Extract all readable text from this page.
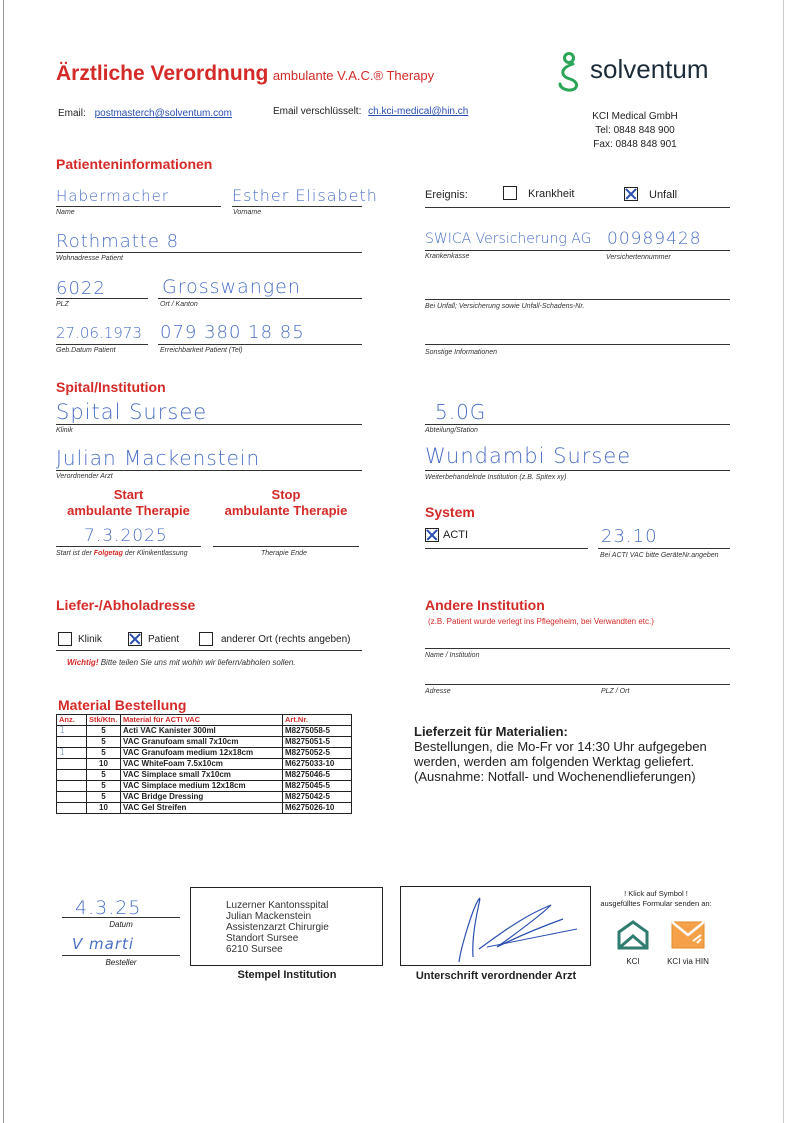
Ärztliche Verordnung ambulante V.A.C.® Therapy	solventum
Email: postmasterch@solventum.com	Email verschlüsselt: ch.kci-medical@hin.ch	KCI Medical GmbH
Tel: 0848 848 900
Fax: 0848 848 901
Patienteninformationen
Habermacher
Name
Esther Elisabeth
Vorname
Rothmatte 8
Wohnadresse Patient
6022
PLZ
Grosswangen
Ort / Kanton
27.06.1973
Geb.Datum Patient
079 380 18 85
Erreichbarkeit Patient (Tel)
Ereignis:	Krankheit	Unfall
SWICA Versicherung AG 00989428
Krankenkasse	Versichertennummer
Bei Unfall; Versicherung sowie Unfall-Schadens-Nr.
Sonstige Informationen
Spital/Institution
Spital Sursee
Klinik
5.0G
Abteilung/Station
Julian Mackenstein
Verordnender Arzt
Wundambi Sursee
Weiterbehandelnde Institution (z.B. Spitex xy)
Start
ambulante Therapie
Stop
ambulante Therapie
7.3.2025
Start ist der Folgetag der Klinikentlassung	Therapie Ende
System
ACTI	23.10
Bei ACTI VAC bitte GeräteNr.angeben
Liefer-/Abholadresse
Klinik	Patient	anderer Ort (rechts angeben)
Wichtig! Bitte teilen Sie uns mit wohin wir liefern/abholen sollen.
Andere Institution
(z.B. Patient wurde verlegt ins Pflegeheim, bei Verwandten etc.)
Name / Institution
Adresse	PLZ / Ort
Material Bestellung
Anz.	Stk/Ktn.	Material für ACTI VAC	Art.Nr.
1	5	Acti VAC Kanister 300ml	M8275058-5
	5	VAC Granufoam small 7x10cm	M8275051-5
1	5	VAC Granufoam medium 12x18cm	M8275052-5
	10	VAC WhiteFoam 7.5x10cm	M6275033-10
	5	VAC Simplace small 7x10cm	M8275046-5
	5	VAC Simplace medium 12x18cm	M8275045-5
	5	VAC Bridge Dressing	M8275042-5
	10	VAC Gel Streifen	M6275026-10
Lieferzeit für Materialien:
Bestellungen, die Mo-Fr vor 14:30 Uhr aufgegeben
werden, werden am folgenden Werktag geliefert.
(Ausnahme: Notfall- und Wochenendlieferungen)
4.3.25
Datum
V marti
Besteller
Luzerner Kantonsspital
Julian Mackenstein
Assistenzarzt Chirurgie
Standort Sursee
6210 Sursee
Stempel Institution	Unterschrift verordnender Arzt
! Klick auf Symbol !
ausgefülltes Formular senden an:
KCI	KCI via HIN
